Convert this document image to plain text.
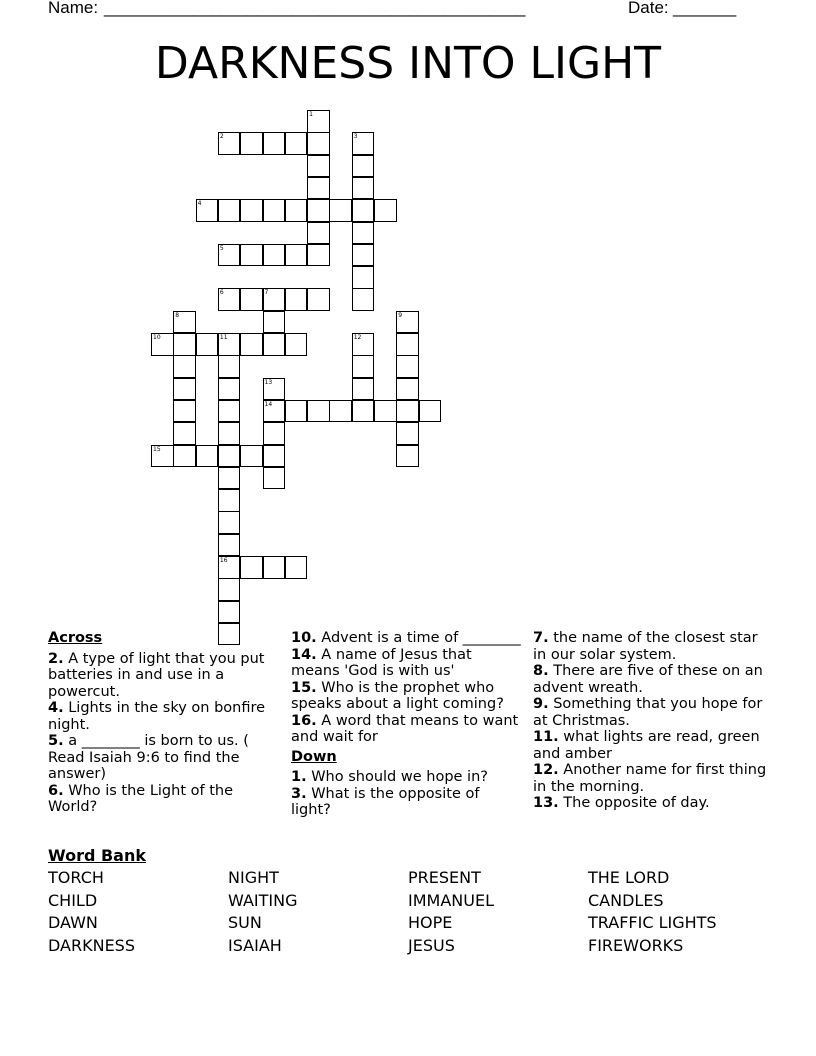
Name: _______________________________________________	Date: _______
DARKNESS INTO LIGHT
1
2	3
4
5
6	7
8	9
10	11
16
12
13
14
15

Across

2. A type of light that you put batteries in and use in a powercut.

4. Lights in the sky on bonfire night.

5. a ________ is born to us. ( Read Isaiah 9:6 to find the answer)

6. Who is the Light of the World?

10. Advent is a time of ________

14. A name of Jesus that means 'God is with us'

15. Who is the prophet who speaks about a light coming?

16. A word that means to want and wait for

Down

1. Who should we hope in?

3. What is the opposite of light?

7. the name of the closest star in our solar system.

8. There are five of these on an advent wreath.

9. Something that you hope for at Christmas.

11. what lights are read, green and amber

12. Another name for first thing in the morning.

13. The opposite of day.

Word Bank
TORCH
CHILD
DAWN
DARKNESS
NIGHT
WAITING
SUN
ISAIAH
PRESENT
IMMANUEL
HOPE
JESUS
THE LORD
CANDLES
TRAFFIC LIGHTS
FIREWORKS
